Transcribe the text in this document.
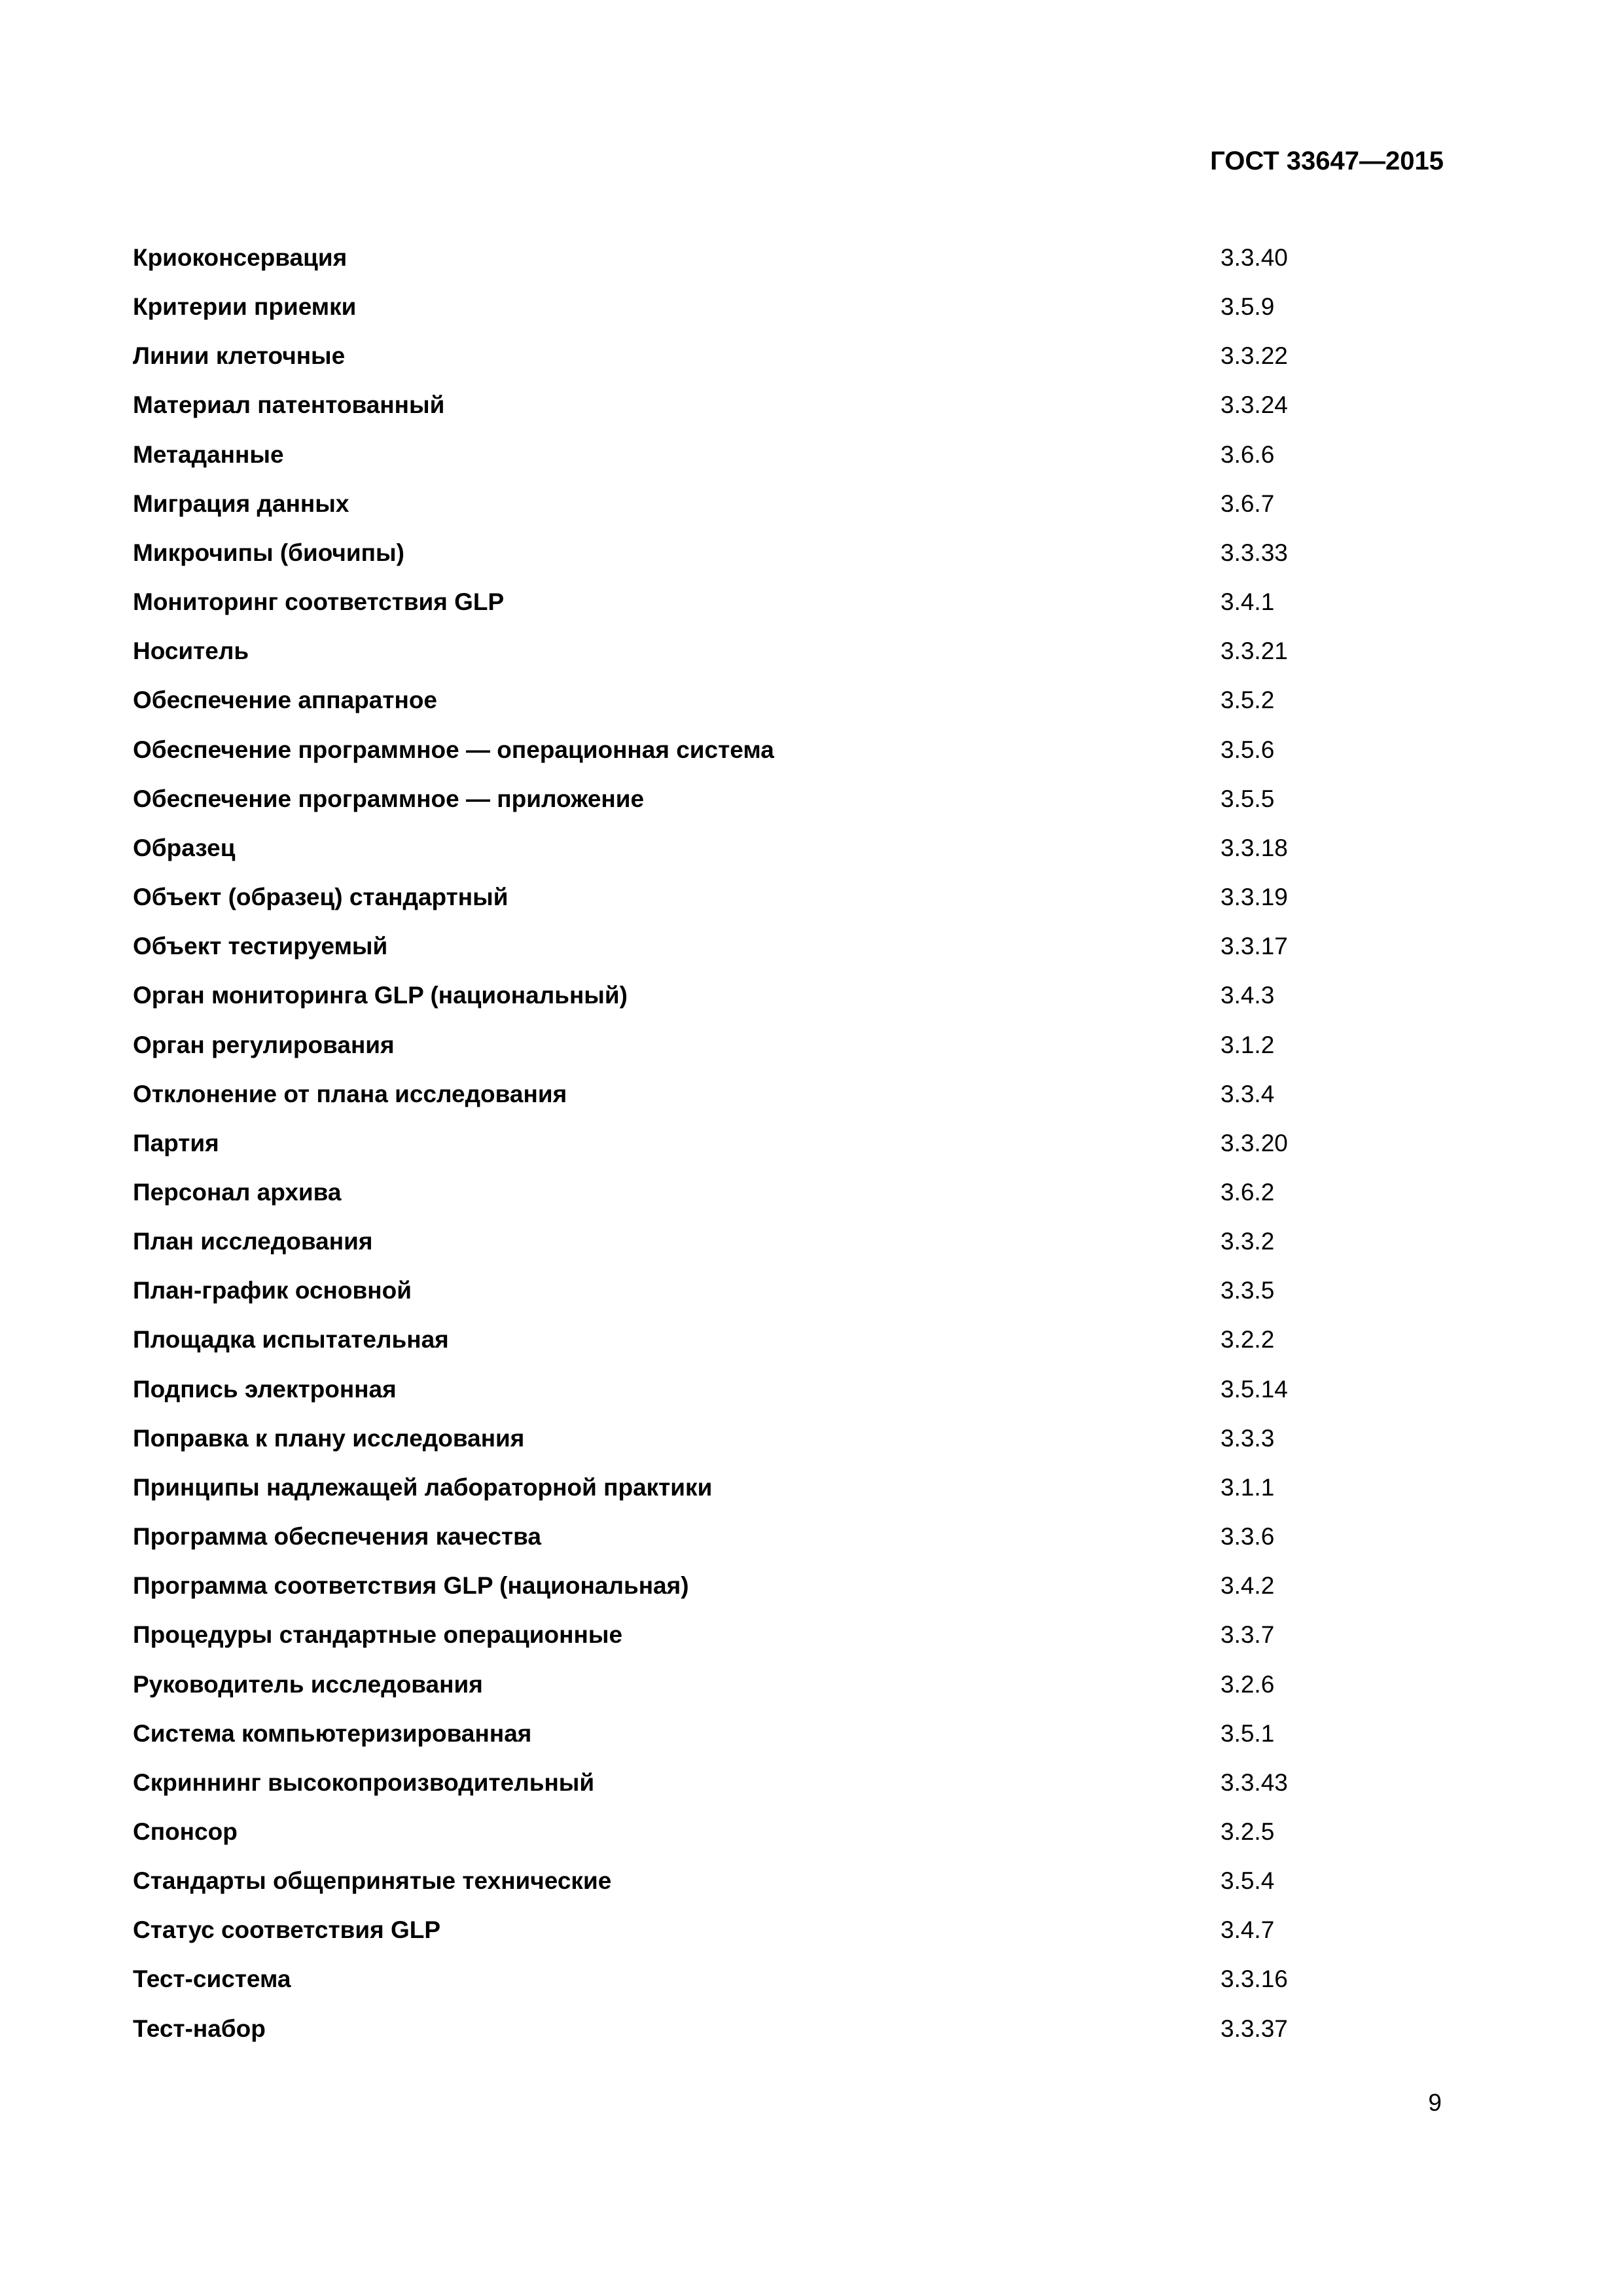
ГОСТ 33647—2015
Криоконсервация	3.3.40
Критерии приемки	3.5.9
Линии клеточные	3.3.22
Материал патентованный	3.3.24
Метаданные	3.6.6
Миграция данных	3.6.7
Микрочипы (биочипы)	3.3.33
Мониторинг соответствия GLP	3.4.1
Носитель	3.3.21
Обеспечение аппаратное	3.5.2
Обеспечение программное — операционная система	3.5.6
Обеспечение программное — приложение	3.5.5
Образец	3.3.18
Объект (образец) стандартный	3.3.19
Объект тестируемый	3.3.17
Орган мониторинга GLP (национальный)	3.4.3
Орган регулирования	3.1.2
Отклонение от плана исследования	3.3.4
Партия	3.3.20
Персонал архива	3.6.2
План исследования	3.3.2
План-график основной	3.3.5
Площадка испытательная	3.2.2
Подпись электронная	3.5.14
Поправка к плану исследования	3.3.3
Принципы надлежащей лабораторной практики	3.1.1
Программа обеспечения качества	3.3.6
Программа соответствия GLP (национальная)	3.4.2
Процедуры стандартные операционные	3.3.7
Руководитель исследования	3.2.6
Система компьютеризированная	3.5.1
Скриннинг высокопроизводительный	3.3.43
Спонсор	3.2.5
Стандарты общепринятые технические	3.5.4
Статус соответствия GLP	3.4.7
Тест-система	3.3.16
Тест-набор	3.3.37
9
